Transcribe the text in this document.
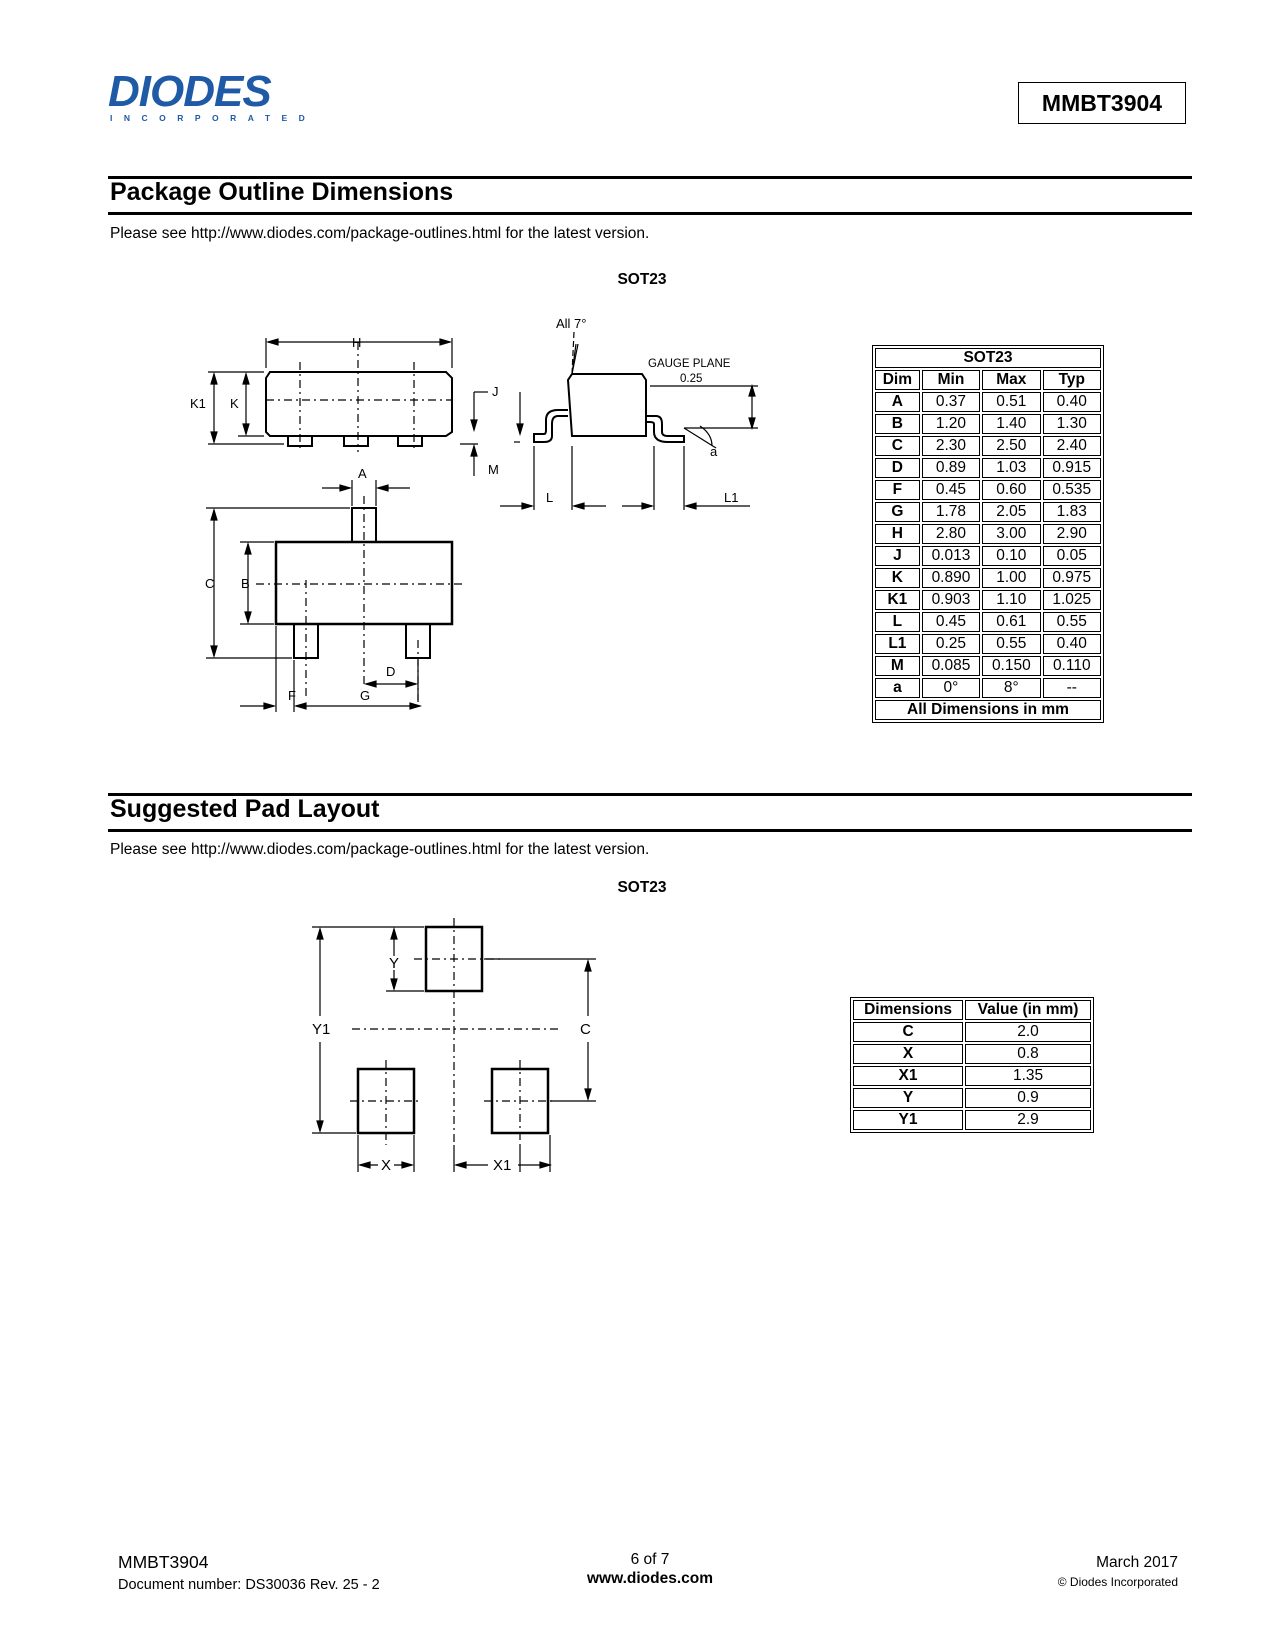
DIODES
INCORPORATED
MMBT3904
Package Outline Dimensions
Please see http://www.diodes.com/package-outlines.html for the latest version.
SOT23
H
K1 K
J
M
A
All 7°
GAUGE PLANE
0.25
a
L	L1
C B
D
F	G
SOT23			
Dim	Min	Max	Typ
A	0.37	0.51	0.40
B	1.20	1.40	1.30
C	2.30	2.50	2.40
D	0.89	1.03	0.915
F	0.45	0.60	0.535
G	1.78	2.05	1.83
H	2.80	3.00	2.90
J	0.013	0.10	0.05
K	0.890	1.00	0.975
K1	0.903	1.10	1.025
L	0.45	0.61	0.55
L1	0.25	0.55	0.40
M	0.085	0.150	0.110
a	0°	8°	--
All Dimensions in mm			
Suggested Pad Layout
Please see http://www.diodes.com/package-outlines.html for the latest version.
SOT23
Y
Y1	C
X	X1
Dimensions	Value (in mm)
C	2.0
X	0.8
X1	1.35
Y	0.9
Y1	2.9
MMBT3904
Document number: DS30036 Rev. 25 - 2
6 of 7
www.diodes.com
March 2017
© Diodes Incorporated
